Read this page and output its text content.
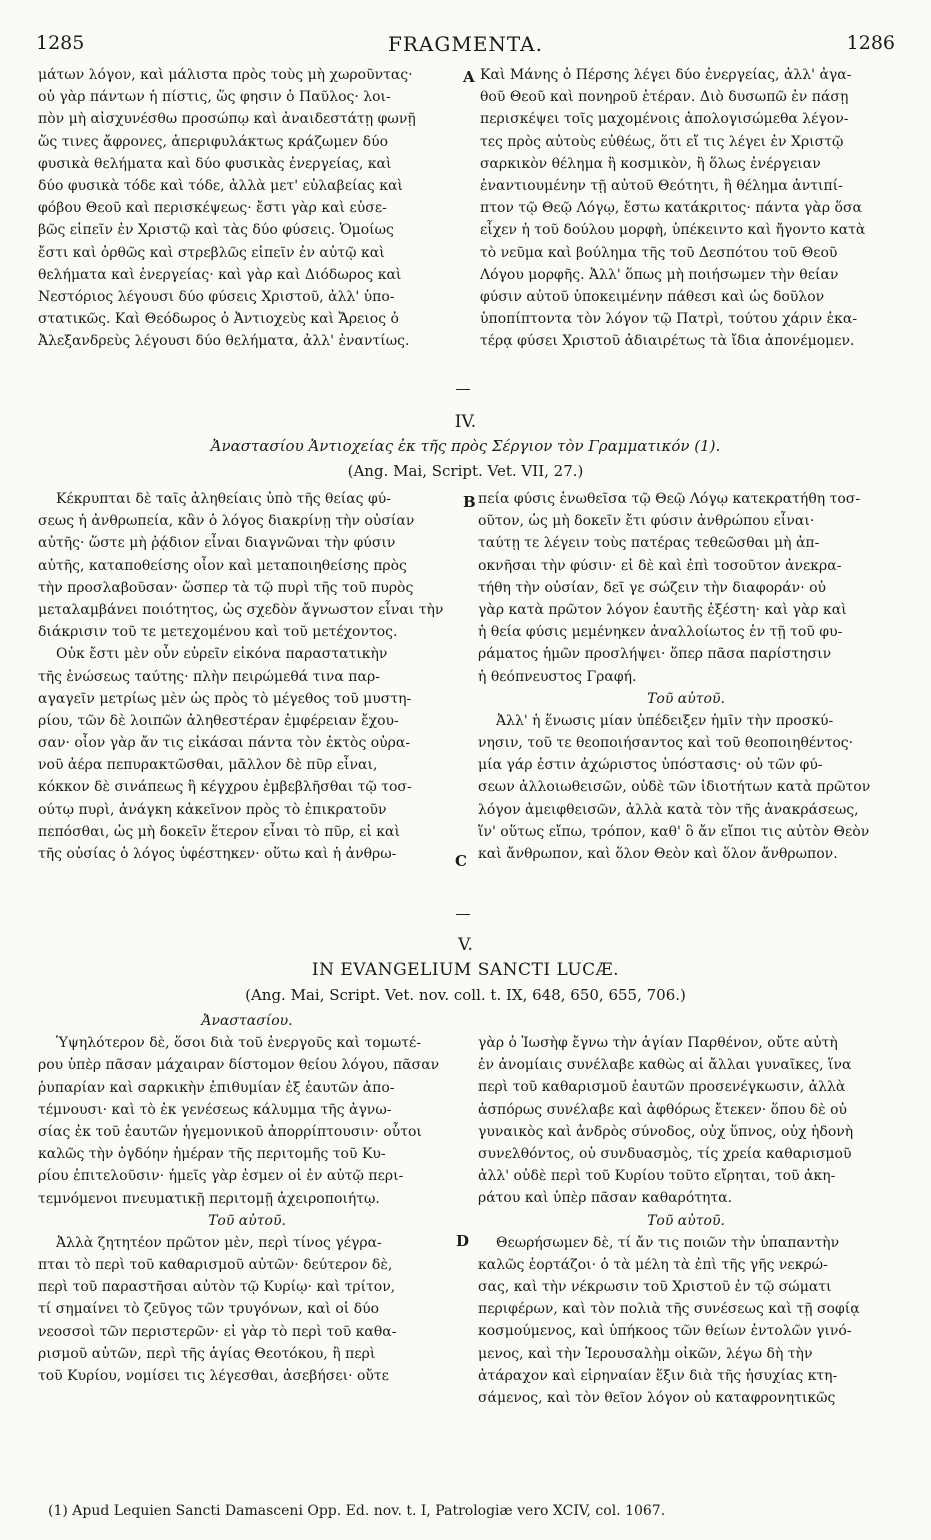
1285	FRAGMENTA.	1286
μάτων λόγον, καὶ μάλιστα πρὸς τοὺς μὴ χωροῦντας·
οὐ γὰρ πάντων ἡ πίστις, ὥς φησιν ὁ Παῦλος· λοι-
πὸν μὴ αἰσχυνέσθω προσώπῳ καὶ ἀναιδεστάτῃ φωνῇ
ὥς τινες ἄφρονες, ἀπεριφυλάκτως κράζωμεν δύο
φυσικὰ θελήματα καὶ δύο φυσικὰς ἐνεργείας, καὶ
δύο φυσικὰ τόδε καὶ τόδε, ἀλλὰ μετ' εὐλαβείας καὶ
φόβου Θεοῦ καὶ περισκέψεως· ἔστι γὰρ καὶ εὐσε-
βῶς εἰπεῖν ἐν Χριστῷ καὶ τὰς δύο φύσεις. Ὁμοίως
ἔστι καὶ ὀρθῶς καὶ στρεβλῶς εἰπεῖν ἐν αὐτῷ καὶ
θελήματα καὶ ἐνεργείας· καὶ γὰρ καὶ Διόδωρος καὶ
Νεστόριος λέγουσι δύο φύσεις Χριστοῦ, ἀλλ' ὑπο-
στατικῶς. Καὶ Θεόδωρος ὁ Ἀντιοχεὺς καὶ Ἄρειος ὁ
Ἀλεξανδρεὺς λέγουσι δύο θελήματα, ἀλλ' ἐναντίως.
A Καὶ Μάνης ὁ Πέρσης λέγει δύο ἐνεργείας, ἀλλ' ἀγα-
θοῦ Θεοῦ καὶ πονηροῦ ἑτέραν. Διὸ δυσωπῶ ἐν πάσῃ
περισκέψει τοῖς μαχομένοις ἀπολογισώμεθα λέγον-
τες πρὸς αὐτοὺς εὐθέως, ὅτι εἴ τις λέγει ἐν Χριστῷ
σαρκικὸν θέλημα ἢ κοσμικὸν, ἢ ὅλως ἐνέργειαν
ἐναντιουμένην τῇ αὐτοῦ Θεότητι, ἢ θέλημα ἀντιπί-
πτον τῷ Θεῷ Λόγῳ, ἔστω κατάκριτος· πάντα γὰρ ὅσα
εἶχεν ἡ τοῦ δούλου μορφὴ, ὑπέκειντο καὶ ἤγοντο κατὰ
τὸ νεῦμα καὶ βούλημα τῆς τοῦ Δεσπότου τοῦ Θεοῦ
Λόγου μορφῆς. Ἀλλ' ὅπως μὴ ποιήσωμεν τὴν θείαν
φύσιν αὐτοῦ ὑποκειμένην πάθεσι καὶ ὡς δοῦλον
ὑποπίπτοντα τὸν λόγον τῷ Πατρὶ, τούτου χάριν ἑκα-
τέρᾳ φύσει Χριστοῦ ἀδιαιρέτως τὰ ἴδια ἀπονέμομεν.
IV.
Ἀναστασίου Ἀντιοχείας ἐκ τῆς πρὸς Σέργιον τὸν Γραμματικόν (1).
(Ang. Mai, Script. Vet. VII, 27.)
Κέκρυπται δὲ ταῖς ἀληθείαις ὑπὸ τῆς θείας φύ-
σεως ἡ ἀνθρωπεία, κἂν ὁ λόγος διακρίνῃ τὴν οὐσίαν
αὐτῆς· ὥστε μὴ ῥᾴδιον εἶναι διαγνῶναι τὴν φύσιν
αὐτῆς, καταποθείσης οἷον καὶ μεταποιηθείσης πρὸς
τὴν προσλαβοῦσαν· ὥσπερ τὰ τῷ πυρὶ τῆς τοῦ πυρὸς
μεταλαμβάνει ποιότητος, ὡς σχεδὸν ἄγνωστον εἶναι τὴν
διάκρισιν τοῦ τε μετεχομένου καὶ τοῦ μετέχοντος.
Οὐκ ἔστι μὲν οὖν εὑρεῖν εἰκόνα παραστατικὴν
τῆς ἑνώσεως ταύτης· πλὴν πειρώμεθά τινα παρ-
αγαγεῖν μετρίως μὲν ὡς πρὸς τὸ μέγεθος τοῦ μυστη-
ρίου, τῶν δὲ λοιπῶν ἀληθεστέραν ἐμφέρειαν ἔχου-
σαν· οἷον γὰρ ἄν τις εἰκάσαι πάντα τὸν ἐκτὸς οὐρα-
νοῦ ἀέρα πεπυρακτῶσθαι, μᾶλλον δὲ πῦρ εἶναι,
κόκκον δὲ σινάπεως ἢ κέγχρου ἐμβεβλῆσθαι τῷ τοσ-
ούτῳ πυρὶ, ἀνάγκη κἀκεῖνον πρὸς τὸ ἐπικρατοῦν
πεπόσθαι, ὡς μὴ δοκεῖν ἕτερον εἶναι τὸ πῦρ, εἰ καὶ
τῆς οὐσίας ὁ λόγος ὑφέστηκεν· οὕτω καὶ ἡ ἀνθρω-
B πεία φύσις ἑνωθεῖσα τῷ Θεῷ Λόγῳ κατεκρατήθη τοσ-
οῦτον, ὡς μὴ δοκεῖν ἔτι φύσιν ἀνθρώπου εἶναι·
ταύτῃ τε λέγειν τοὺς πατέρας τεθεῶσθαι μὴ ἀπ-
οκνῆσαι τὴν φύσιν· εἰ δὲ καὶ ἐπὶ τοσοῦτον ἀνεκρα-
τήθη τὴν οὐσίαν, δεῖ γε σώζειν τὴν διαφοράν· οὐ
γὰρ κατὰ πρῶτον λόγον ἑαυτῆς ἐξέστη· καὶ γὰρ καὶ
ἡ θεία φύσις μεμένηκεν ἀναλλοίωτος ἐν τῇ τοῦ φυ-
ράματος ἡμῶν προσλήψει· ὅπερ πᾶσα παρίστησιν
ἡ θεόπνευστος Γραφή.
Τοῦ αὐτοῦ.
Ἀλλ' ἡ ἕνωσις μίαν ὑπέδειξεν ἡμῖν τὴν προσκύ-
νησιν, τοῦ τε θεοποιήσαντος καὶ τοῦ θεοποιηθέντος·
μία γάρ ἐστιν ἀχώριστος ὑπόστασις· οὐ τῶν φύ-
σεων ἀλλοιωθεισῶν, οὐδὲ τῶν ἰδιοτήτων κατὰ πρῶτον
λόγον ἀμειφθεισῶν, ἀλλὰ κατὰ τὸν τῆς ἀνακράσεως,
ἵν' οὕτως εἴπω, τρόπον, καθ' ὃ ἄν εἴποι τις αὐτὸν Θεὸν
καὶ ἄνθρωπον, καὶ ὅλον Θεὸν καὶ ὅλον ἄνθρωπον.
C
V.
IN EVANGELIUM SANCTI LUCÆ.
(Ang. Mai, Script. Vet. nov. coll. t. IX, 648, 650, 655, 706.)
Ἀναστασίου.
Ὑψηλότερον δὲ, ὅσοι διὰ τοῦ ἐνεργοῦς καὶ τομωτέ-
ρου ὑπὲρ πᾶσαν μάχαιραν δίστομον θείου λόγου, πᾶσαν
ῥυπαρίαν καὶ σαρκικὴν ἐπιθυμίαν ἐξ ἑαυτῶν ἀπο-
τέμνουσι· καὶ τὸ ἐκ γενέσεως κάλυμμα τῆς ἀγνω-
σίας ἐκ τοῦ ἑαυτῶν ἡγεμονικοῦ ἀπορρίπτουσιν· οὗτοι
καλῶς τὴν ὀγδόην ἡμέραν τῆς περιτομῆς τοῦ Κυ-
ρίου ἐπιτελοῦσιν· ἡμεῖς γὰρ ἐσμεν οἱ ἐν αὐτῷ περι-
τεμνόμενοι πνευματικῇ περιτομῇ ἀχειροποιήτῳ.
Τοῦ αὐτοῦ.
Ἀλλὰ ζητητέον πρῶτον μὲν, περὶ τίνος γέγρα-
πται τὸ περὶ τοῦ καθαρισμοῦ αὐτῶν· δεύτερον δὲ,
περὶ τοῦ παραστῆσαι αὐτὸν τῷ Κυρίῳ· καὶ τρίτον,
τί σημαίνει τὸ ζεῦγος τῶν τρυγόνων, καὶ οἱ δύο
νεοσσοὶ τῶν περιστερῶν· εἰ γὰρ τὸ περὶ τοῦ καθα-
ρισμοῦ αὐτῶν, περὶ τῆς ἁγίας Θεοτόκου, ἢ περὶ
τοῦ Κυρίου, νομίσει τις λέγεσθαι, ἀσεβήσει· οὔτε
D
γὰρ ὁ Ἰωσὴφ ἔγνω τὴν ἁγίαν Παρθένον, οὔτε αὐτὴ
ἐν ἀνομίαις συνέλαβε καθὼς αἱ ἄλλαι γυναῖκες, ἵνα
περὶ τοῦ καθαρισμοῦ ἑαυτῶν προσενέγκωσιν, ἀλλὰ
ἀσπόρως συνέλαβε καὶ ἀφθόρως ἔτεκεν· ὅπου δὲ οὐ
γυναικὸς καὶ ἀνδρὸς σύνοδος, οὐχ ὕπνος, οὐχ ἡδονὴ
συνελθόντος, οὐ συνδυασμὸς, τίς χρεία καθαρισμοῦ
ἀλλ' οὐδὲ περὶ τοῦ Κυρίου τοῦτο εἴρηται, τοῦ ἀκη-
ράτου καὶ ὑπὲρ πᾶσαν καθαρότητα.
Τοῦ αὐτοῦ.
Θεωρήσωμεν δὲ, τί ἄν τις ποιῶν τὴν ὑπαπαντὴν
καλῶς ἑορτάζοι· ὁ τὰ μέλη τὰ ἐπὶ τῆς γῆς νεκρώ-
σας, καὶ τὴν νέκρωσιν τοῦ Χριστοῦ ἐν τῷ σώματι
περιφέρων, καὶ τὸν πολιὰ τῆς συνέσεως καὶ τῇ σοφίᾳ
κοσμούμενος, καὶ ὑπήκοος τῶν θείων ἐντολῶν γινό-
μενος, καὶ τὴν Ἱερουσαλὴμ οἰκῶν, λέγω δὴ τὴν
ἀτάραχον καὶ εἰρηναίαν ἕξιν διὰ τῆς ἡσυχίας κτη-
σάμενος, καὶ τὸν θεῖον λόγον οὐ καταφρονητικῶς
(1) Apud Lequien Sancti Damasceni Opp. Ed. nov. t. I, Patrologiæ vero XCIV, col. 1067.
